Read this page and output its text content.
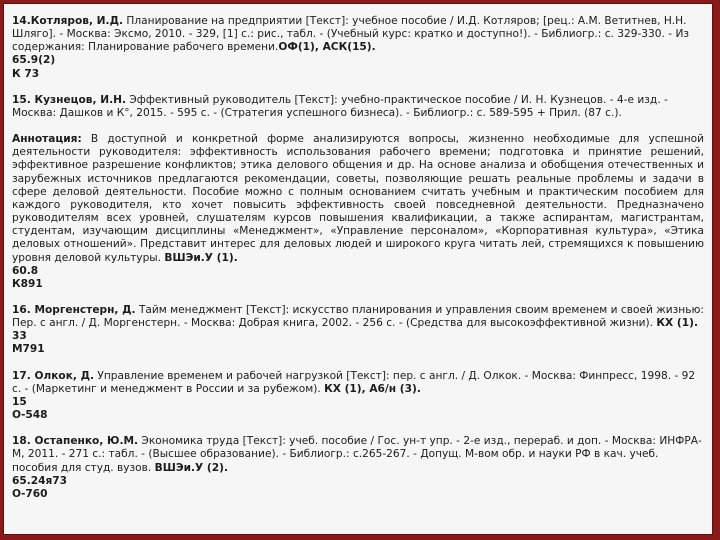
14.Котляров, И.Д. Планирование на предприятии [Текст]: учебное пособие / И.Д. Котляров; [рец.: А.М. Ветитнев, Н.Н. Шляго]. - Москва: Эксмо, 2010. - 329, [1] с.: рис., табл. - (Учебный курс: кратко и доступно!). - Библиогр.: с. 329-330. - Из содержания: Планирование рабочего времени.ОФ(1), АСК(15).

65.9(2)
К 73

15. Кузнецов, И.Н. Эффективный руководитель [Текст]: учебно-практическое пособие / И. Н. Кузнецов. - 4-е изд. - Москва: Дашков и К°, 2015. - 595 с. - (Стратегия успешного бизнеса). - Библиогр.: с. 589-595 + Прил. (87 с.).

Аннотация: В доступной и конкретной форме анализируются вопросы, жизненно необходимые для успешной деятельности руководителя: эффективность использования рабочего времени; подготовка и принятие решений, эффективное разрешение конфликтов; этика делового общения и др. На основе анализа и обобщения отечественных и зарубежных источников предлагаются рекомендации, советы, позволяющие решать реальные проблемы и задачи в сфере деловой деятельности. Пособие можно с полным основанием считать учебным и практическим пособием для каждого руководителя, кто хочет повысить эффективность своей повседневной деятельности. Предназначено руководителям всех уровней, слушателям курсов повышения квалификации, а также аспирантам, магистрантам, студентам, изучающим дисциплины «Менеджмент», «Управление персоналом», «Корпоративная культура», «Этика деловых отношений». Представит интерес для деловых людей и широкого круга читать лей, стремящихся к повышению уровня деловой культуры. ВШЭи.У (1).

60.8
К891

16. Моргенстерн, Д. Тайм менеджмент [Текст]: искусство планирования и управления своим временем и своей жизнью: Пер. с англ. / Д. Моргенстерн. - Москва: Добрая книга, 2002. - 256 с. - (Средства для высокоэффективной жизни). КХ (1).

33
М791

17. Олкок, Д. Управление временем и рабочей нагрузкой [Текст]: пер. с англ. / Д. Олкок. - Москва: Финпресс, 1998. - 92 с. - (Маркетинг и менеджмент в России и за рубежом). КХ (1), А6/н (3).

15
О-548

18. Остапенко, Ю.М. Экономика труда [Текст]: учеб. пособие / Гос. ун-т упр. - 2-е изд., перераб. и доп. - Москва: ИНФРА-М, 2011. - 271 с.: табл. - (Высшее образование). - Библиогр.: с.265-267. - Допущ. М-вом обр. и науки РФ в кач. учеб. пособия для студ. вузов. ВШЭи.У (2).

65.24я73
О-760
